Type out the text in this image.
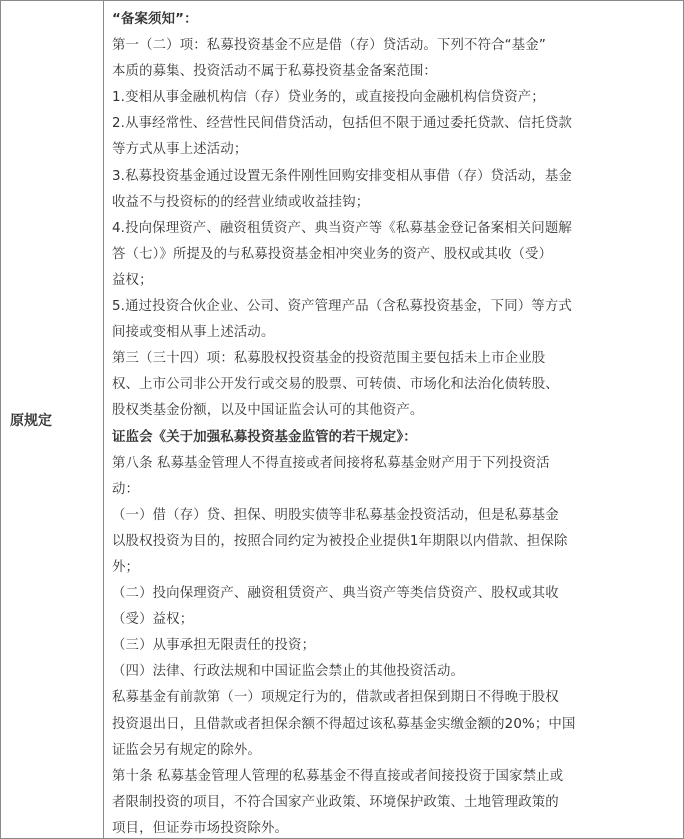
原规定
“备案须知”：
第一（二）项：私募投资基金不应是借（存）贷活动。下列不符合“基金”
本质的募集、投资活动不属于私募投资基金备案范围：
1.变相从事金融机构信（存）贷业务的，或直接投向金融机构信贷资产；
2.从事经常性、经营性民间借贷活动，包括但不限于通过委托贷款、信托贷款
等方式从事上述活动；
3.私募投资基金通过设置无条件刚性回购安排变相从事借（存）贷活动，基金
收益不与投资标的的经营业绩或收益挂钩；
4.投向保理资产、融资租赁资产、典当资产等《私募基金登记备案相关问题解
答（七）》所提及的与私募投资基金相冲突业务的资产、股权或其收（受）
益权；
5.通过投资合伙企业、公司、资产管理产品（含私募投资基金，下同）等方式
间接或变相从事上述活动。
第三（三十四）项：私募股权投资基金的投资范围主要包括未上市企业股
权、上市公司非公开发行或交易的股票、可转债、市场化和法治化债转股、
股权类基金份额，以及中国证监会认可的其他资产。
证监会《关于加强私募投资基金监管的若干规定》：
第八条 私募基金管理人不得直接或者间接将私募基金财产用于下列投资活
动：
（一）借（存）贷、担保、明股实债等非私募基金投资活动，但是私募基金
以股权投资为目的，按照合同约定为被投企业提供1年期限以内借款、担保除
外；
（二）投向保理资产、融资租赁资产、典当资产等类信贷资产、股权或其收
（受）益权；
（三）从事承担无限责任的投资；
（四）法律、行政法规和中国证监会禁止的其他投资活动。
私募基金有前款第（一）项规定行为的，借款或者担保到期日不得晚于股权
投资退出日，且借款或者担保余额不得超过该私募基金实缴金额的20%；中国
证监会另有规定的除外。
第十条 私募基金管理人管理的私募基金不得直接或者间接投资于国家禁止或
者限制投资的项目，不符合国家产业政策、环境保护政策、土地管理政策的
项目，但证券市场投资除外。
